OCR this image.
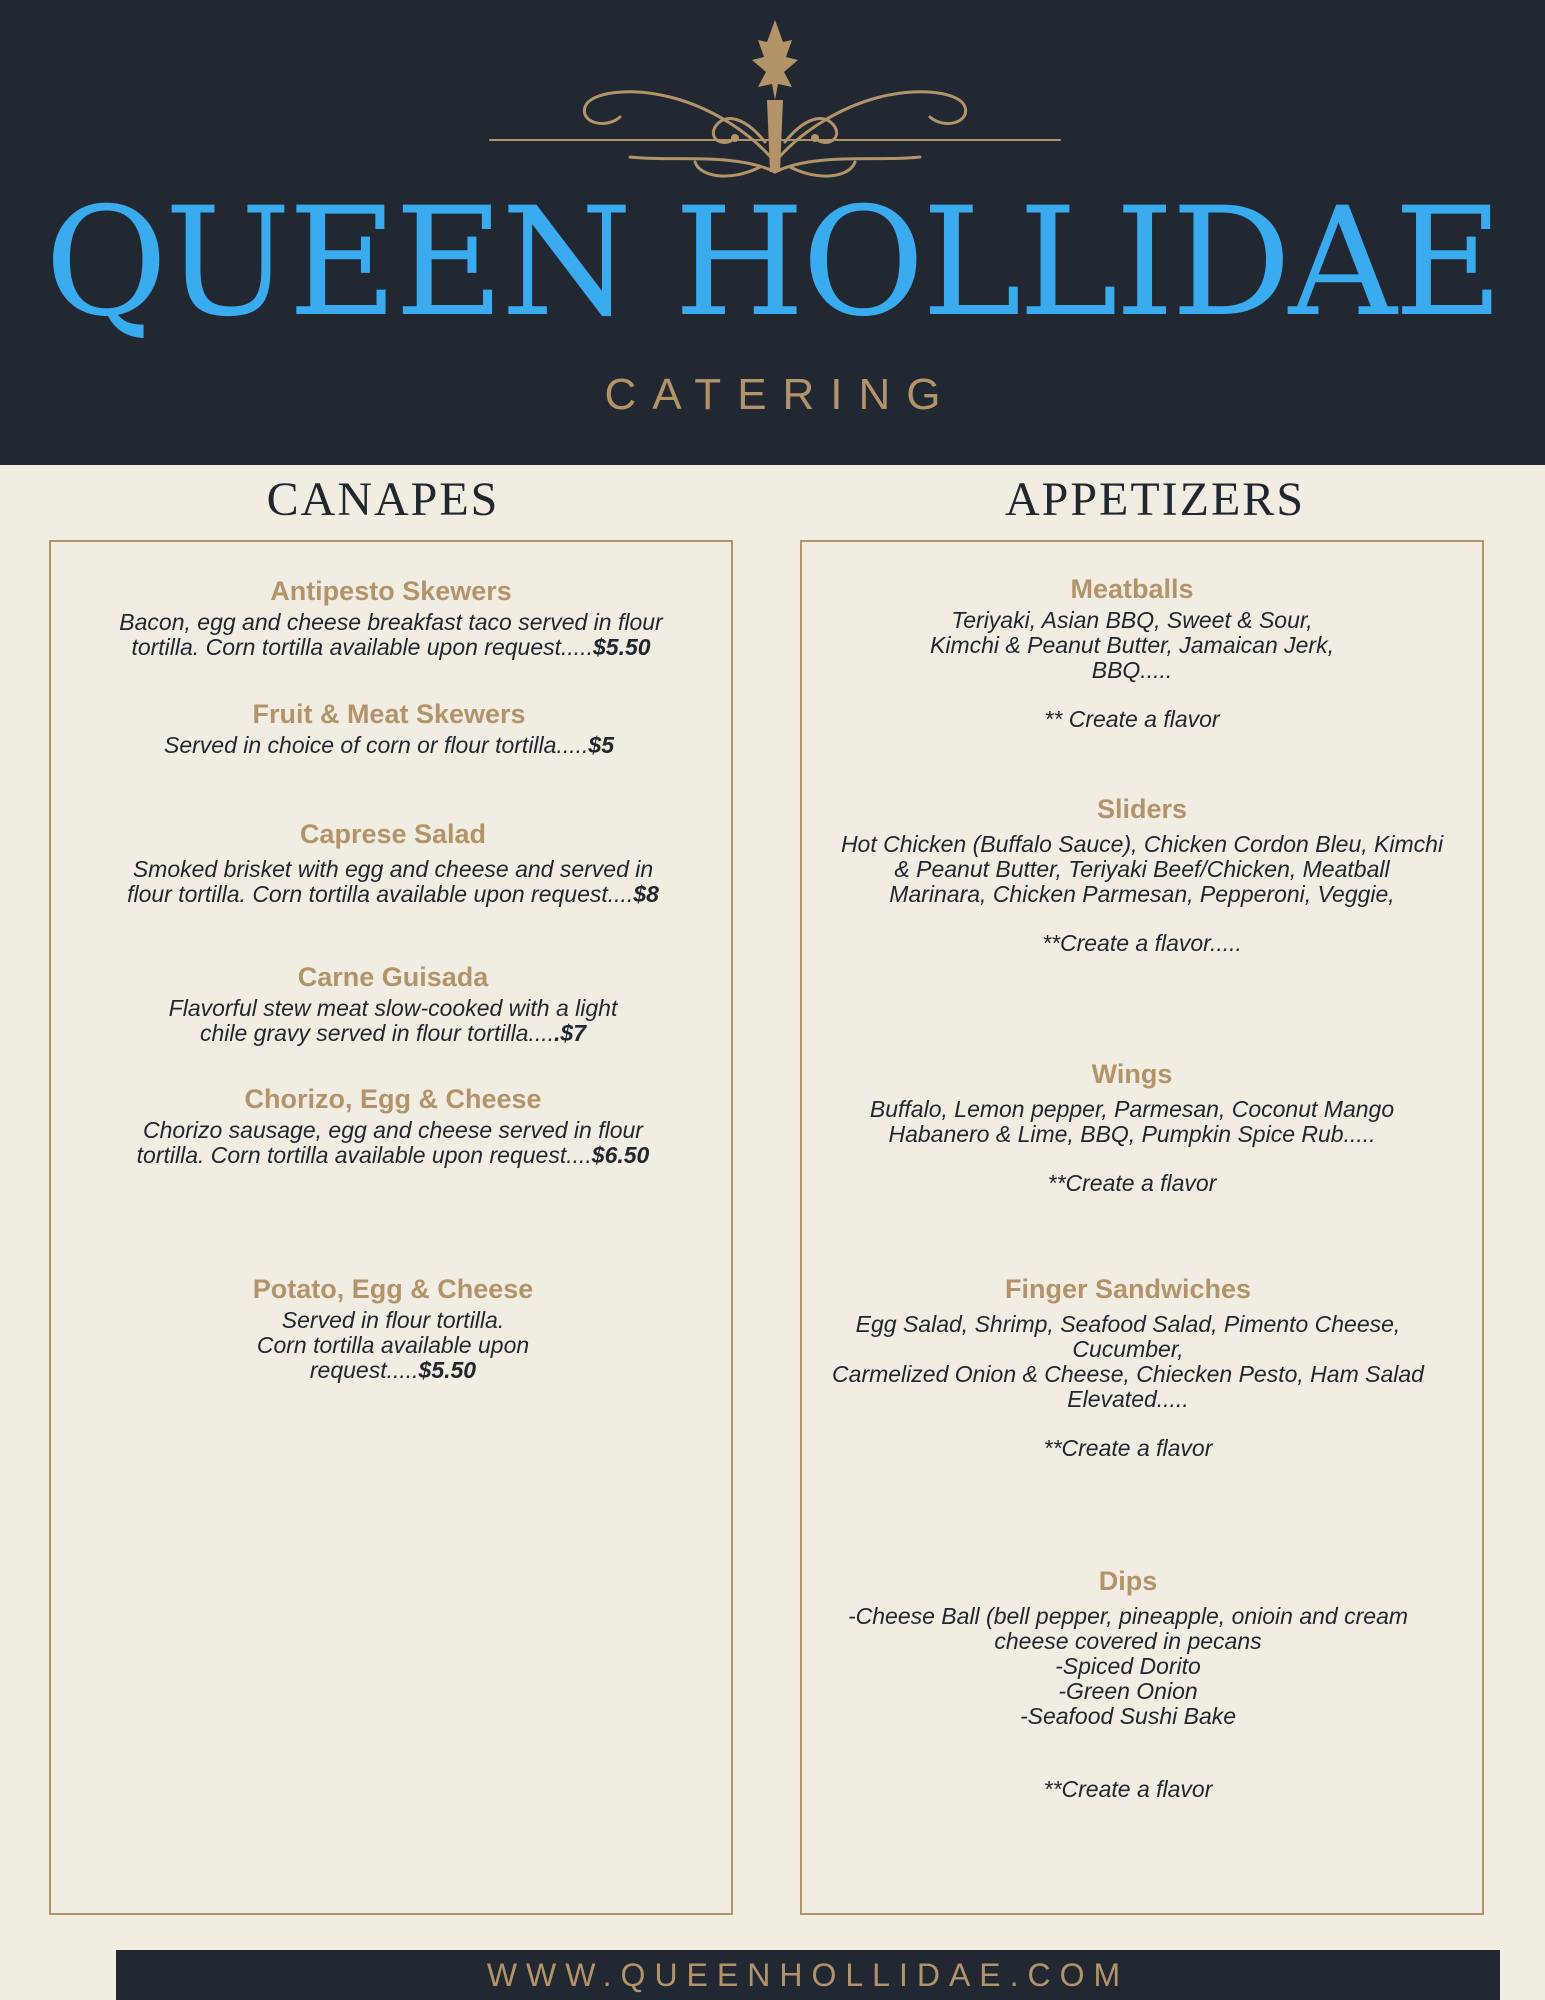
QUEEN HOLLIDAE
CATERING
CANAPES
Antipesto Skewers
Bacon, egg and cheese breakfast taco served in flour tortilla. Corn tortilla available upon request.....$5.50
Fruit & Meat Skewers
Served in choice of corn or flour tortilla.....$5
Caprese Salad
Smoked brisket with egg and cheese and served in flour tortilla. Corn tortilla available upon request....$8
Carne Guisada
Flavorful stew meat slow-cooked with a light chile gravy served in flour tortilla.....$7
Chorizo, Egg & Cheese
Chorizo sausage, egg and cheese served in flour tortilla. Corn tortilla available upon request....$6.50
Potato, Egg & Cheese
Served in flour tortilla.
Corn tortilla available upon
request.....$5.50
APPETIZERS
Meatballs
Teriyaki, Asian BBQ, Sweet & Sour,
Kimchi & Peanut Butter, Jamaican Jerk,
BBQ.....
** Create a flavor
Sliders
Hot Chicken (Buffalo Sauce), Chicken Cordon Bleu, Kimchi
& Peanut Butter, Teriyaki Beef/Chicken, Meatball
Marinara, Chicken Parmesan, Pepperoni, Veggie,
**Create a flavor.....
Wings
Buffalo, Lemon pepper, Parmesan, Coconut Mango
Habanero & Lime, BBQ, Pumpkin Spice Rub.....
**Create a flavor
Finger Sandwiches
Egg Salad, Shrimp, Seafood Salad, Pimento Cheese,
Cucumber,
Carmelized Onion & Cheese, Chiecken Pesto, Ham Salad
Elevated.....
**Create a flavor
Dips
-Cheese Ball (bell pepper, pineapple, onioin and cream
cheese covered in pecans
-Spiced Dorito
-Green Onion
-Seafood Sushi Bake
**Create a flavor
WWW.QUEENHOLLIDAE.COM
